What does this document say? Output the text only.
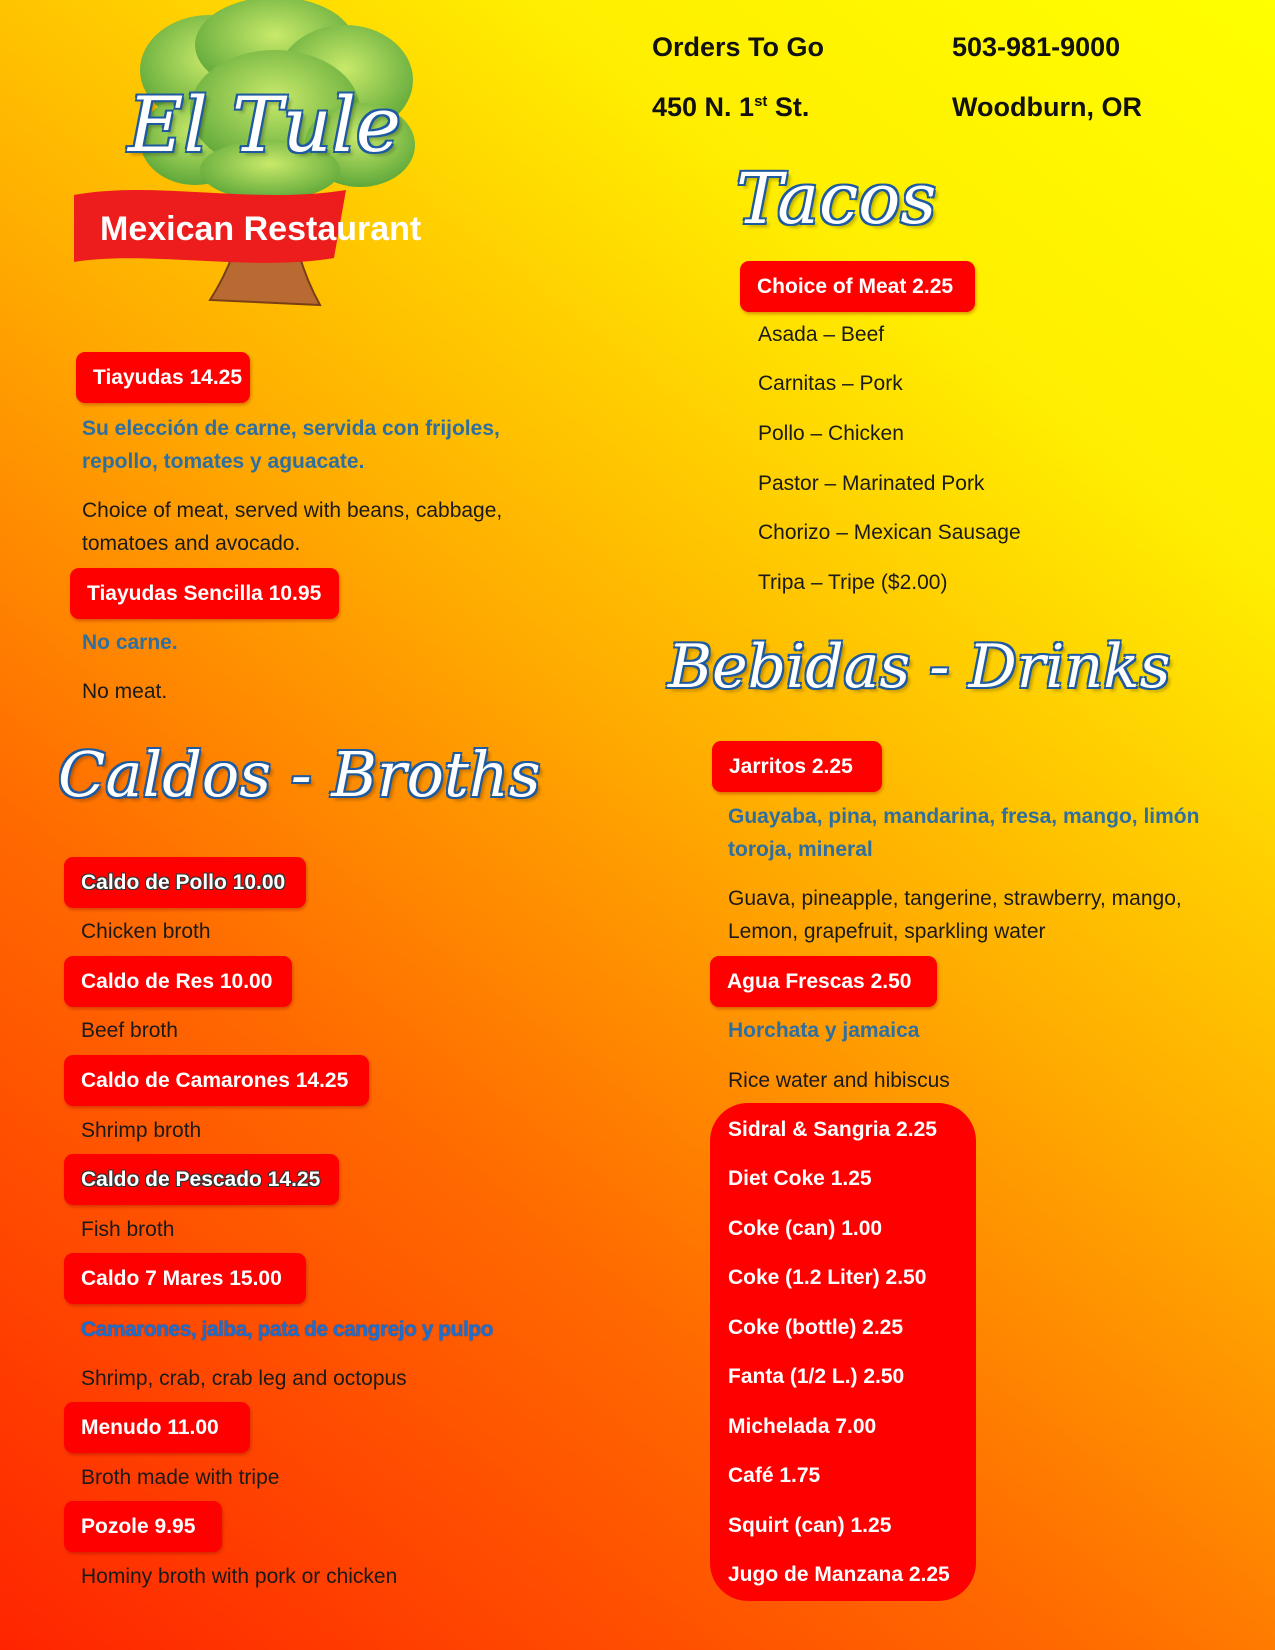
El Tule
Mexican Restaurant
Orders To Go	503-981-9000
450 N. 1st St.	Woodburn, OR
Tiayudas 14.25
Su elección de carne, servida con frijoles, repollo, tomates y aguacate.
Choice of meat, served with beans, cabbage, tomatoes and avocado.
Tiayudas Sencilla 10.95
No carne.
No meat.
Caldos - Broths
Caldo de Pollo 10.00
Chicken broth
Caldo de Res 10.00
Beef broth
Caldo de Camarones 14.25
Shrimp broth
Caldo de Pescado 14.25
Fish broth
Caldo 7 Mares 15.00
Camarones, jalba, pata de cangrejo y pulpo
Shrimp, crab, crab leg and octopus
Menudo 11.00
Broth made with tripe
Pozole 9.95
Hominy broth with pork or chicken
Tacos
Choice of Meat 2.25
Asada – Beef
Carnitas – Pork
Pollo – Chicken
Pastor – Marinated Pork
Chorizo – Mexican Sausage
Tripa – Tripe ($2.00)
Bebidas - Drinks
Jarritos 2.25
Guayaba, pina, mandarina, fresa, mango, limón toroja, mineral
Guava, pineapple, tangerine, strawberry, mango, Lemon, grapefruit, sparkling water
Agua Frescas 2.50
Horchata y jamaica
Rice water and hibiscus
Sidral & Sangria 2.25
Diet Coke 1.25
Coke (can) 1.00
Coke (1.2 Liter) 2.50
Coke (bottle) 2.25
Fanta (1/2 L.) 2.50
Michelada 7.00
Café 1.75
Squirt (can) 1.25
Jugo de Manzana 2.25
